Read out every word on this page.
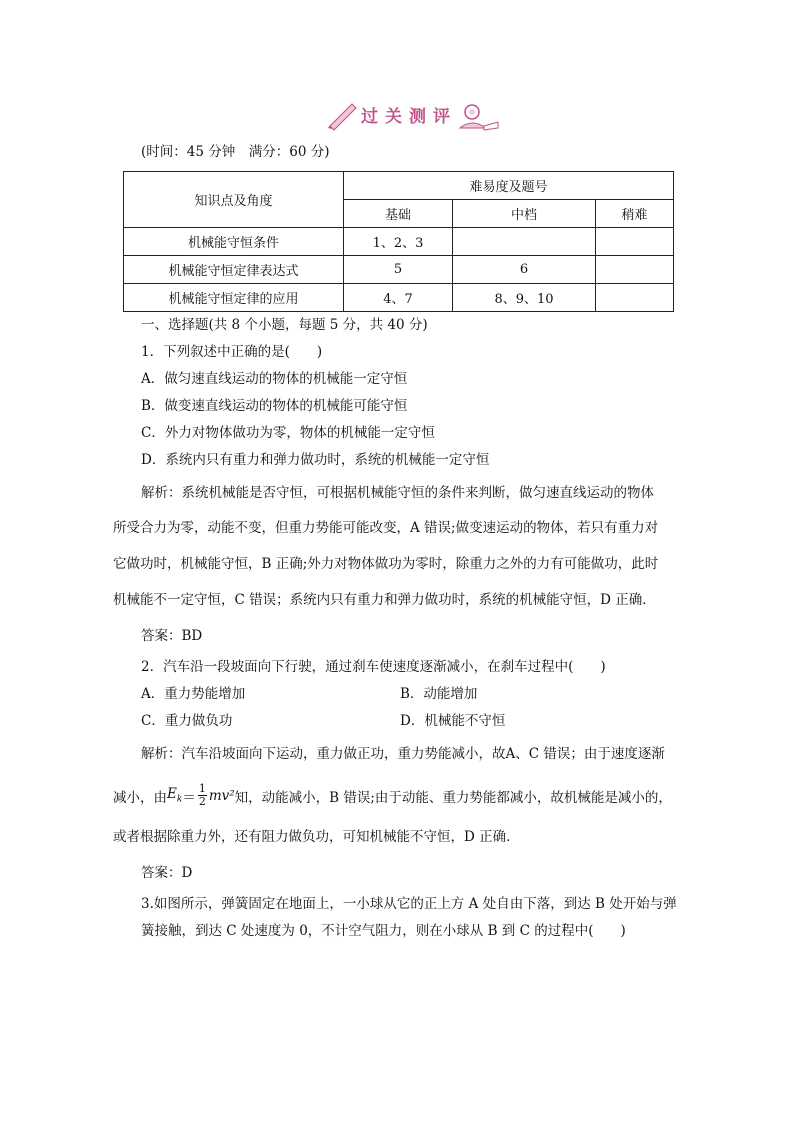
过关测评
(时间：45 分钟　满分：60 分)
知识点及角度	难易度及题号		
	基础	中档	稍难
机械能守恒条件	1、2、3		
机械能守恒定律表达式	5	6	
机械能守恒定律的应用	4、7	8、9、10	
一、选择题(共 8 个小题，每题 5 分，共 40 分)
1．下列叙述中正确的是(　　)
A．做匀速直线运动的物体的机械能一定守恒
B．做变速直线运动的物体的机械能可能守恒
C．外力对物体做功为零，物体的机械能一定守恒
D．系统内只有重力和弹力做功时，系统的机械能一定守恒
解析：系统机械能是否守恒，可根据机械能守恒的条件来判断，做匀速直线运动的物体
所受合力为零，动能不变，但重力势能可能改变，A 错误;做变速运动的物体，若只有重力对
它做功时，机械能守恒，B 正确;外力对物体做功为零时，除重力之外的力有可能做功，此时
机械能不一定守恒，C 错误；系统内只有重力和弹力做功时，系统的机械能守恒，D 正确．
答案：BD
2．汽车沿一段坡面向下行驶，通过刹车使速度逐渐减小，在刹车过程中(　　)
A．重力势能增加	B．动能增加
C．重力做负功	D．机械能不守恒
解析：汽车沿坡面向下运动，重力做正功，重力势能减小，故A、C 错误；由于速度逐渐
减小，由 $E_k = \frac{1}{2} mv^2$ 知，动能减小，B 错误;由于动能、重力势能都减小，故机械能是减小的，
或者根据除重力外，还有阻力做负功，可知机械能不守恒，D 正确．
答案：D
3.如图所示，弹簧固定在地面上，一小球从它的正上方 A 处自由下落，到达 B 处开始与弹
簧接触，到达 C 处速度为 0，不计空气阻力，则在小球从 B 到 C 的过程中(　　)
